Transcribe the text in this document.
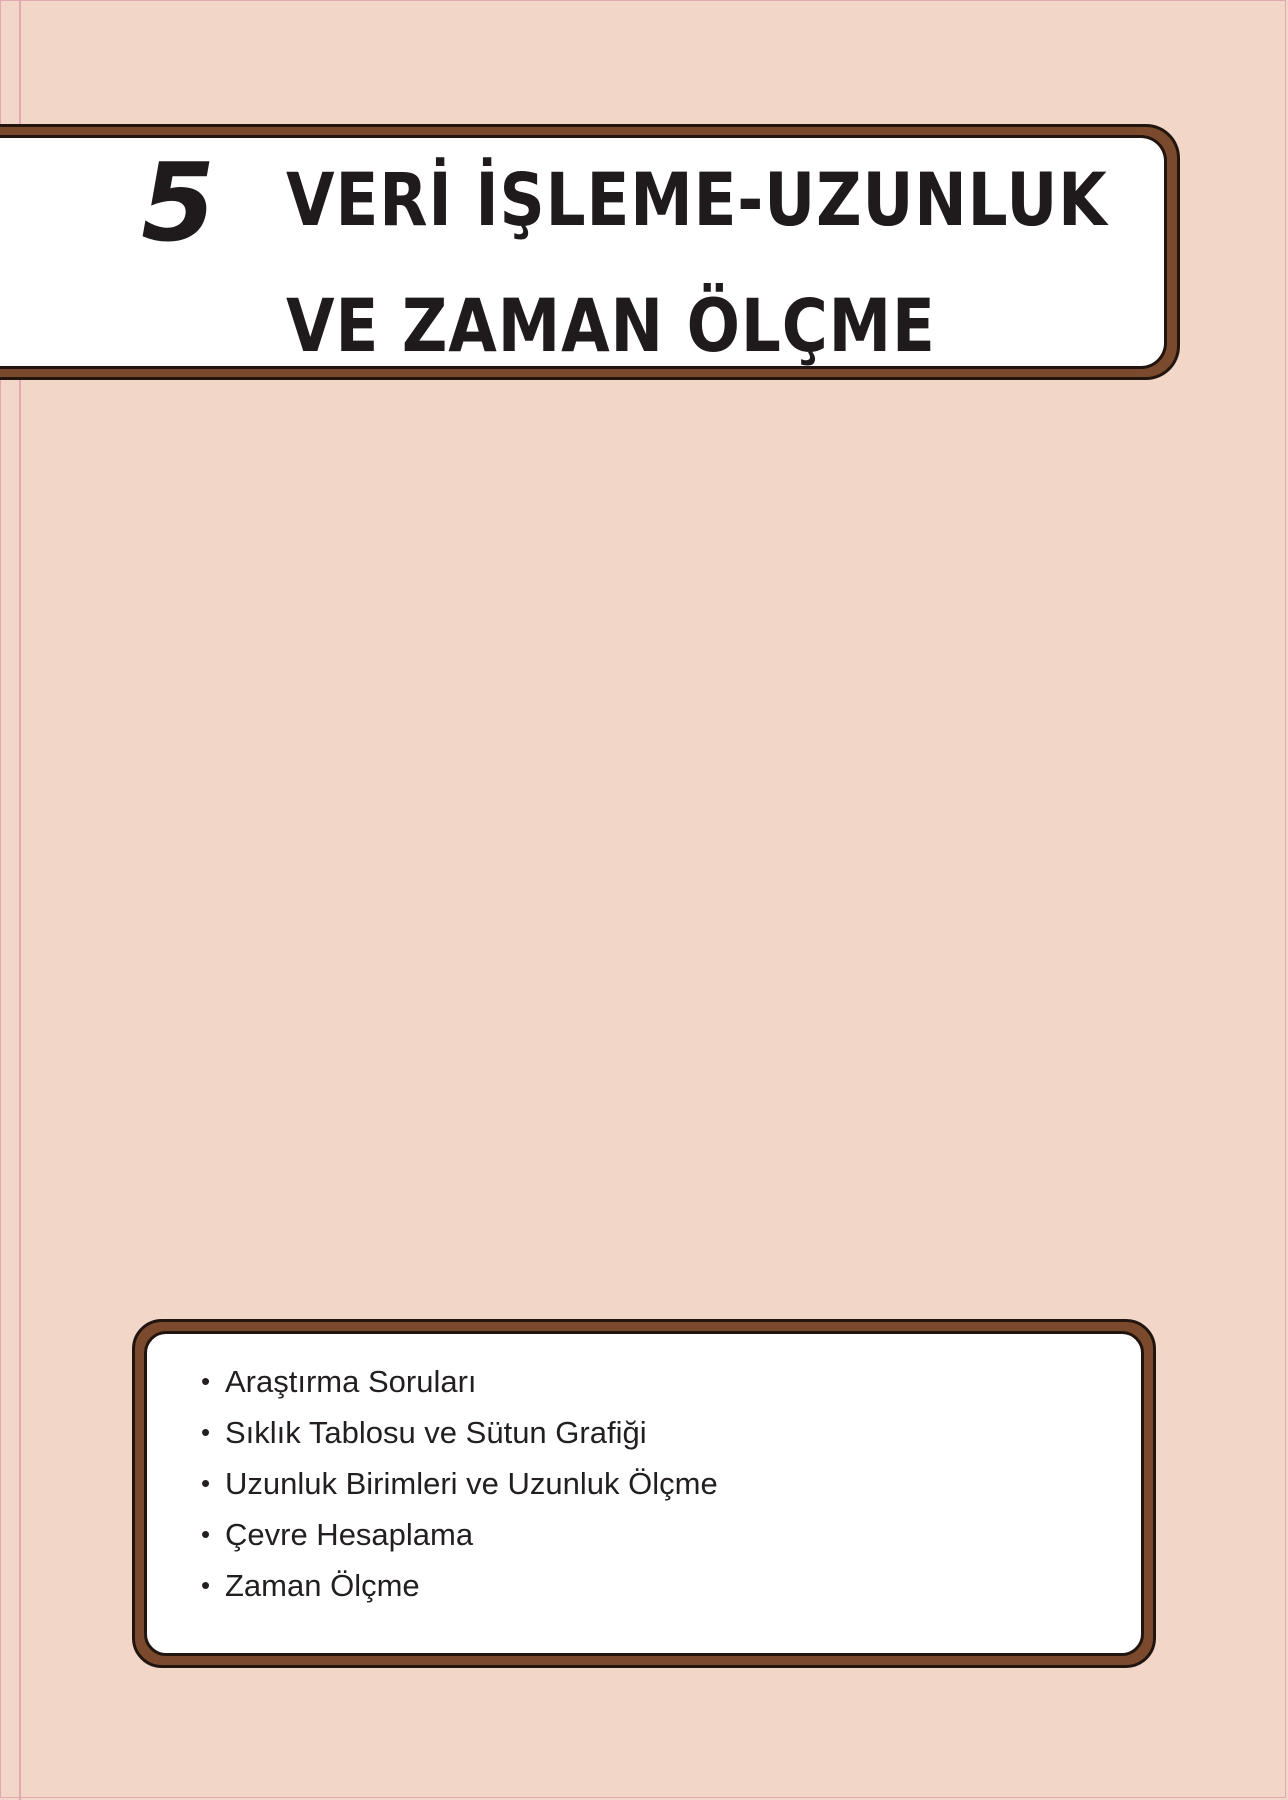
5 VERİ İŞLEME-UZUNLUK
VE ZAMAN ÖLÇME
• Araştırma Soruları
• Sıklık Tablosu ve Sütun Grafiği
• Uzunluk Birimleri ve Uzunluk Ölçme
• Çevre Hesaplama
• Zaman Ölçme
